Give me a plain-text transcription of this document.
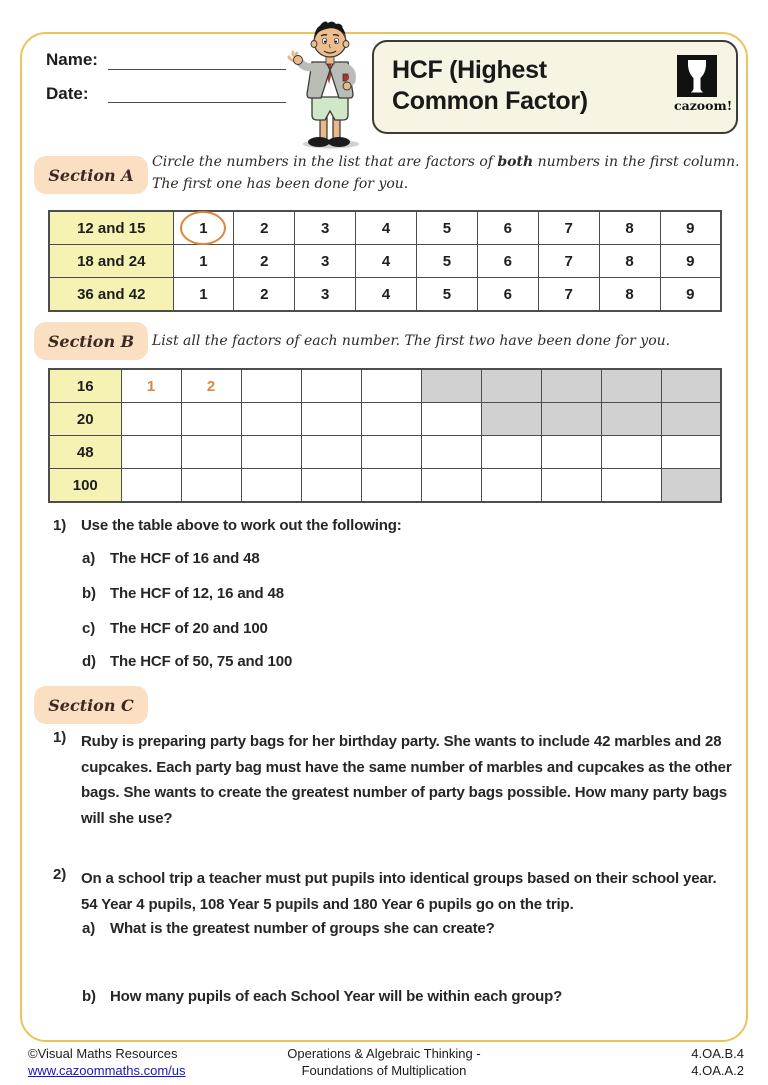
Name:
Date:
HCF (Highest
Common Factor)	cazoom!
Section A
Circle the numbers in the list that are factors of both numbers in the first column.
The first one has been done for you.
12 and 15	1	2	3	4	5	6	7	8	9
18 and 24	1	2	3	4	5	6	7	8	9
36 and 42	1	2	3	4	5	6	7	8	9
Section B	List all the factors of each number. The first two have been done for you.
16	1	2								
20										
48										
100										
1) Use the table above to work out the following:
a) The HCF of 16 and 48
b) The HCF of 12, 16 and 48
c) The HCF of 20 and 100
d) The HCF of 50, 75 and 100
Section C
1) Ruby is preparing party bags for her birthday party. She wants to include 42 marbles and 28 cupcakes. Each party bag must have the same number of marbles and cupcakes as the other bags. She wants to create the greatest number of party bags possible. How many party bags will she use?

2) On a school trip a teacher must put pupils into identical groups based on their school year. 54 Year 4 pupils, 108 Year 5 pupils and 180 Year 6 pupils go on the trip.

a) What is the greatest number of groups she can create?
b) How many pupils of each School Year will be within each group?
©Visual Maths Resources
www.cazoommaths.com/us
Operations & Algebraic Thinking -
Foundations of Multiplication
4.OA.B.4
4.OA.A.2
